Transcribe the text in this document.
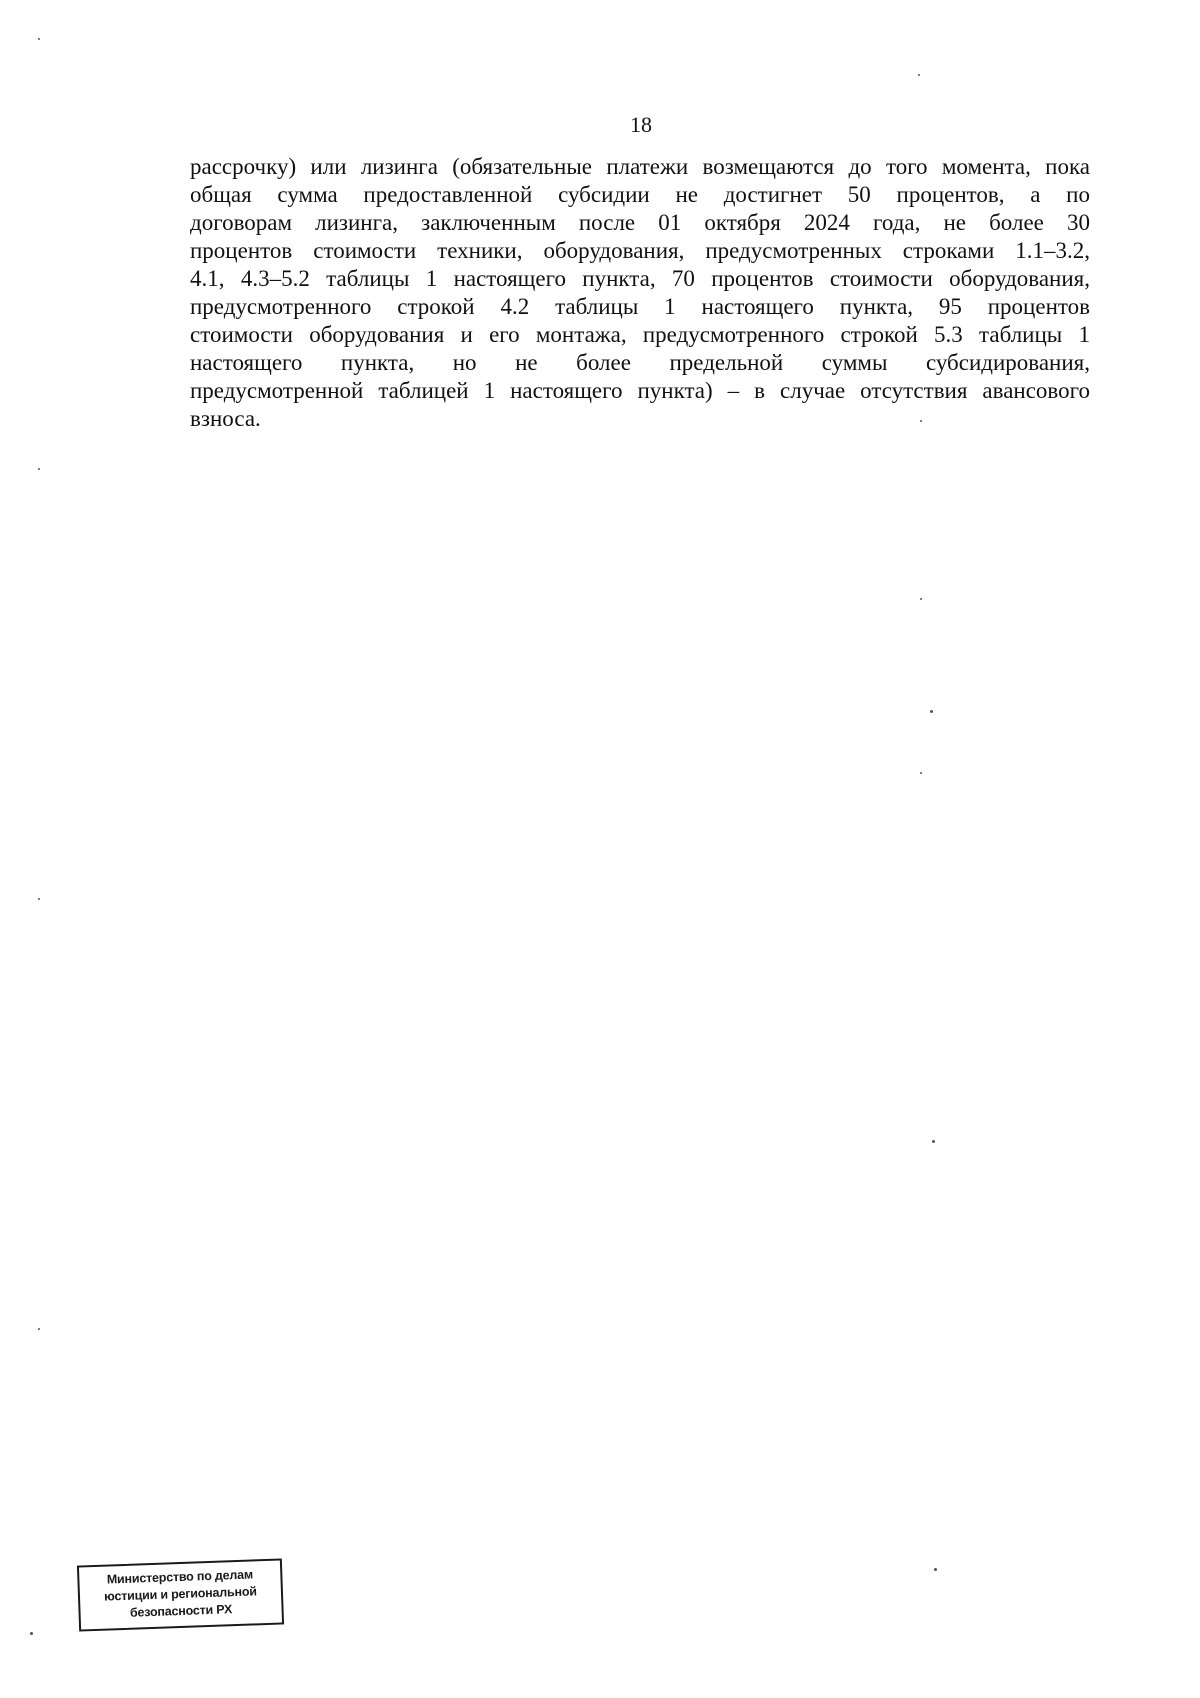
18
рассрочку) или лизинга (обязательные платежи возмещаются до того момента, пока
общая сумма предоставленной субсидии не достигнет 50 процентов, а по
договорам лизинга, заключенным после 01 октября 2024 года, не более 30
процентов стоимости техники, оборудования, предусмотренных строками 1.1–3.2,
4.1, 4.3–5.2 таблицы 1 настоящего пункта, 70 процентов стоимости оборудования,
предусмотренного строкой 4.2 таблицы 1 настоящего пункта, 95 процентов
стоимости оборудования и его монтажа, предусмотренного строкой 5.3 таблицы 1
настоящего пункта, но не более предельной суммы субсидирования,
предусмотренной таблицей 1 настоящего пункта) – в случае отсутствия авансового
взноса.
Министерство по делам
юстиции и региональной
безопасности РХ
